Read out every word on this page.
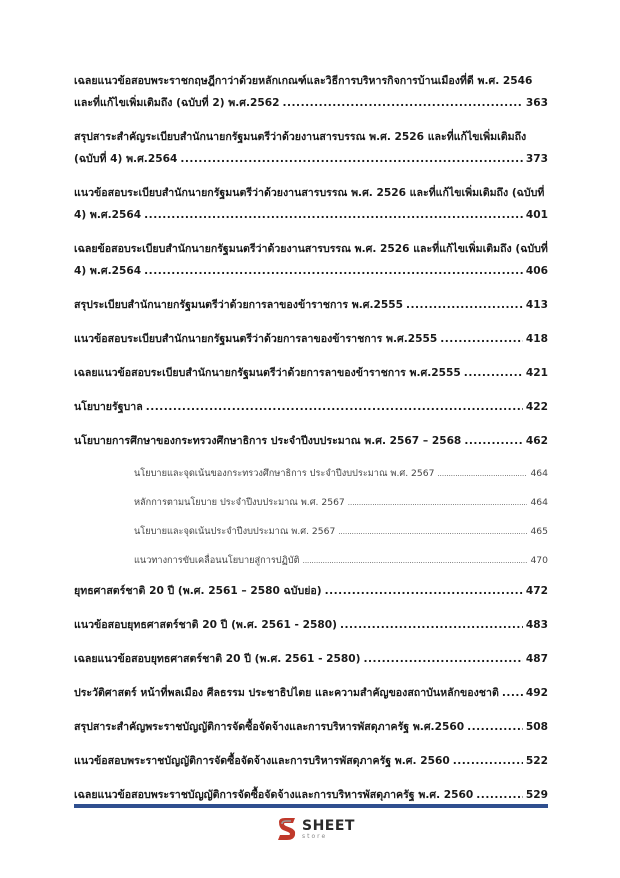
เฉลยแนวข้อสอบพระราชกฤษฎีกาว่าด้วยหลักเกณฑ์และวิธีการบริหารกิจการบ้านเมืองที่ดี พ.ศ. 2546
และที่แก้ไขเพิ่มเติมถึง (ฉบับที่ 2) พ.ศ.2562 .....	363
สรุปสาระสำคัญระเบียบสำนักนายกรัฐมนตรีว่าด้วยงานสารบรรณ พ.ศ. 2526 และที่แก้ไขเพิ่มเติมถึง
(ฉบับที่ 4) พ.ศ.2564 .....	373
แนวข้อสอบระเบียบสำนักนายกรัฐมนตรีว่าด้วยงานสารบรรณ พ.ศ. 2526 และที่แก้ไขเพิ่มเติมถึง (ฉบับที่
4) พ.ศ.2564 .....	401
เฉลยข้อสอบระเบียบสำนักนายกรัฐมนตรีว่าด้วยงานสารบรรณ พ.ศ. 2526 และที่แก้ไขเพิ่มเติมถึง (ฉบับที่
4) พ.ศ.2564 .....	406
สรุประเบียบสำนักนายกรัฐมนตรีว่าด้วยการลาของข้าราชการ พ.ศ.2555 .....	413
แนวข้อสอบระเบียบสำนักนายกรัฐมนตรีว่าด้วยการลาของข้าราชการ พ.ศ.2555 .....	418
เฉลยแนวข้อสอบระเบียบสำนักนายกรัฐมนตรีว่าด้วยการลาของข้าราชการ พ.ศ.2555 .....	421
นโยบายรัฐบาล .....	422
นโยบายการศึกษาของกระทรวงศึกษาธิการ ประจำปีงบประมาณ พ.ศ. 2567 – 2568 .....	462
นโยบายและจุดเน้นของกระทรวงศึกษาธิการ ประจำปีงบประมาณ พ.ศ. 2567 .....	464
หลักการตามนโยบาย ประจำปีงบประมาณ พ.ศ. 2567 .....	464
นโยบายและจุดเน้นประจำปีงบประมาณ พ.ศ. 2567 .....	465
แนวทางการขับเคลื่อนนโยบายสู่การปฏิบัติ .....	470
ยุทธศาสตร์ชาติ 20 ปี (พ.ศ. 2561 – 2580 ฉบับย่อ) .....	472
แนวข้อสอบยุทธศาสตร์ชาติ 20 ปี (พ.ศ. 2561 - 2580) .....	483
เฉลยแนวข้อสอบยุทธศาสตร์ชาติ 20 ปี (พ.ศ. 2561 - 2580) .....	487
ประวัติศาสตร์ หน้าที่พลเมือง ศีลธรรม ประชาธิปไตย และความสำคัญของสถาบันหลักของชาติ .....	492
สรุปสาระสำคัญพระราชบัญญัติการจัดซื้อจัดจ้างและการบริหารพัสดุภาครัฐ พ.ศ.2560 .....	508
แนวข้อสอบพระราชบัญญัติการจัดซื้อจัดจ้างและการบริหารพัสดุภาครัฐ พ.ศ. 2560 .....	522
เฉลยแนวข้อสอบพระราชบัญญัติการจัดซื้อจัดจ้างและการบริหารพัสดุภาครัฐ พ.ศ. 2560 .....	529
SHEET
store
